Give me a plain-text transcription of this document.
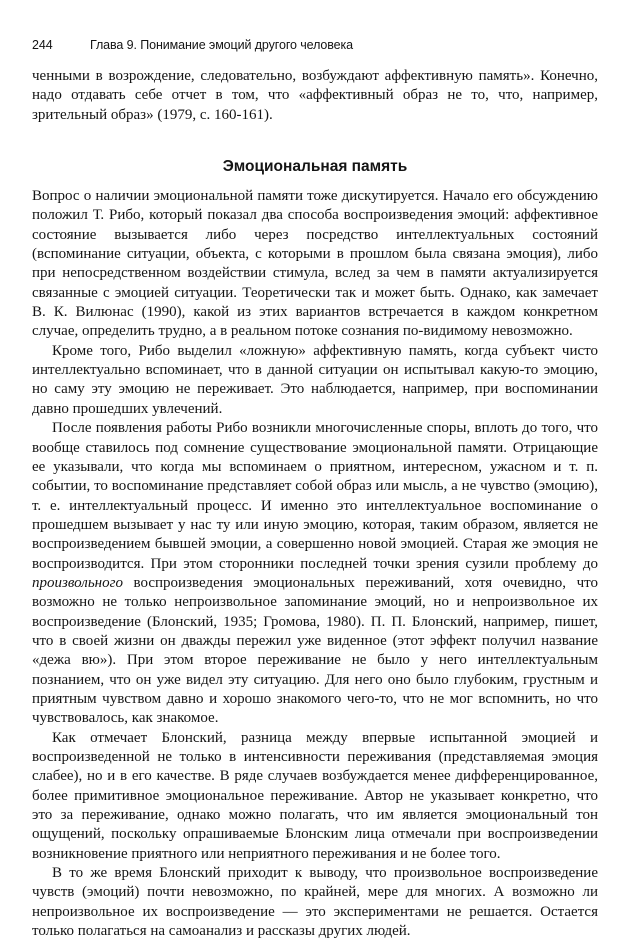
244	Глава 9. Понимание эмоций другого человека

ченными в возрождение, следовательно, возбуждают аффективную память». Конечно, надо отдавать себе отчет в том, что «аффективный образ не то, что, например, зрительный образ» (1979, с. 160-161).

Эмоциональная память

Вопрос о наличии эмоциональной памяти тоже дискутируется. Начало его обсуждению положил Т. Рибо, который показал два способа воспроизведения эмоций: аффективное состояние вызывается либо через посредство интеллектуальных состояний (вспоминание ситуации, объекта, с которыми в прошлом была связана эмоция), либо при непосредственном воздействии стимула, вслед за чем в памяти актуализируется связанные с эмоцией ситуации. Теоретически так и может быть. Однако, как замечает В. К. Вилюнас (1990), какой из этих вариантов встречается в каждом конкретном случае, определить трудно, а в реальном потоке сознания по-видимому невозможно.

Кроме того, Рибо выделил «ложную» аффективную память, когда субъект чисто интеллектуально вспоминает, что в данной ситуации он испытывал какую-то эмоцию, но саму эту эмоцию не переживает. Это наблюдается, например, при воспоминании давно прошедших увлечений.

После появления работы Рибо возникли многочисленные споры, вплоть до того, что вообще ставилось под сомнение существование эмоциональной памяти. Отрицающие ее указывали, что когда мы вспоминаем о приятном, интересном, ужасном и т. п. событии, то воспоминание представляет собой образ или мысль, а не чувство (эмоцию), т. е. интеллектуальный процесс. И именно это интеллектуальное воспоминание о прошедшем вызывает у нас ту или иную эмоцию, которая, таким образом, является не воспроизведением бывшей эмоции, а совершенно новой эмоцией. Старая же эмоция не воспроизводится. При этом сторонники последней точки зрения сузили проблему до произвольного воспроизведения эмоциональных переживаний, хотя очевидно, что возможно не только непроизвольное запоминание эмоций, но и непроизвольное их воспроизведение (Блонский, 1935; Громова, 1980). П. П. Блонский, например, пишет, что в своей жизни он дважды пережил уже виденное (этот эффект получил название «дежа вю»). При этом второе переживание не было у него интеллектуальным познанием, что он уже видел эту ситуацию. Для него оно было глубоким, грустным и приятным чувством давно и хорошо знакомого чего-то, что не мог вспомнить, но что чувствовалось, как знакомое.

Как отмечает Блонский, разница между впервые испытанной эмоцией и воспроизведенной не только в интенсивности переживания (представляемая эмоция слабее), но и в его качестве. В ряде случаев возбуждается менее дифференцированное, более примитивное эмоциональное переживание. Автор не указывает конкретно, что это за переживание, однако можно полагать, что им является эмоциональный тон ощущений, поскольку опрашиваемые Блонским лица отмечали при воспроизведении возникновение приятного или неприятного переживания и не более того.

В то же время Блонский приходит к выводу, что произвольное воспроизведение чувств (эмоций) почти невозможно, по крайней, мере для многих. А возможно ли непроизвольное их воспроизведение — это экспериментами не решается. Остается только полагаться на самоанализ и рассказы других людей.
